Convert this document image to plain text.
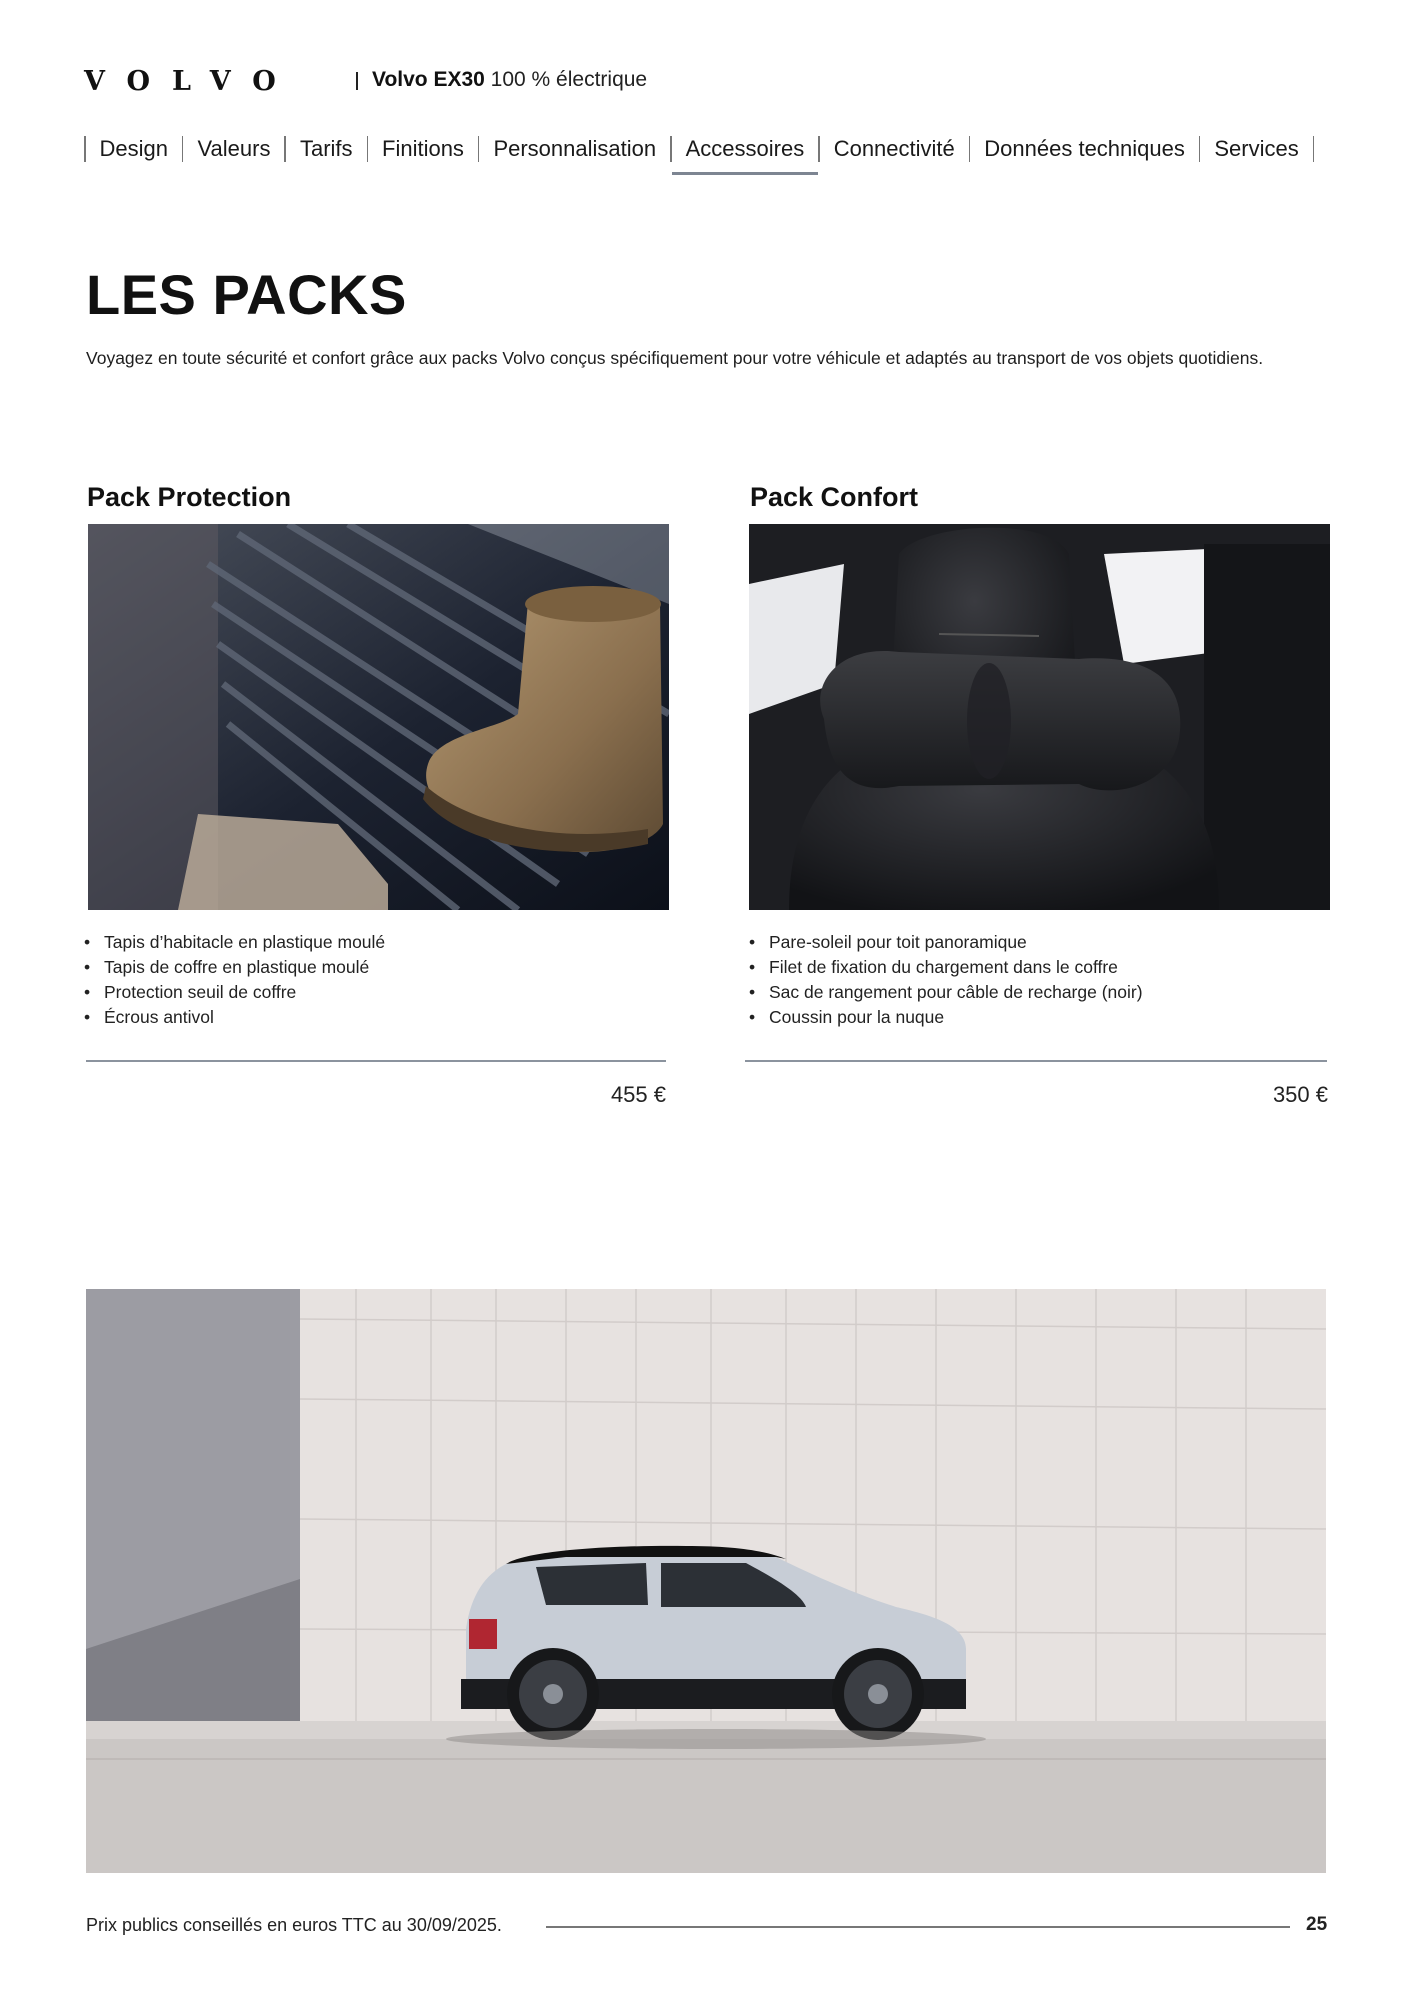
VOLVO	Volvo EX30 100 % électrique
Design	Valeurs	Tarifs	Finitions	Personnalisation	Accessoires	Connectivité	Données techniques	Services
LES PACKS
Voyagez en toute sécurité et confort grâce aux packs Volvo conçus spécifiquement pour votre véhicule et adaptés au transport de vos objets quotidiens.
Pack Protection
• Tapis d’habitacle en plastique moulé
• Tapis de coffre en plastique moulé
• Protection seuil de coffre
• Écrous antivol
455 €
Pack Confort
• Pare-soleil pour toit panoramique
• Filet de fixation du chargement dans le coffre
• Sac de rangement pour câble de recharge (noir)
• Coussin pour la nuque
350 €
Prix publics conseillés en euros TTC au 30/09/2025.	25
